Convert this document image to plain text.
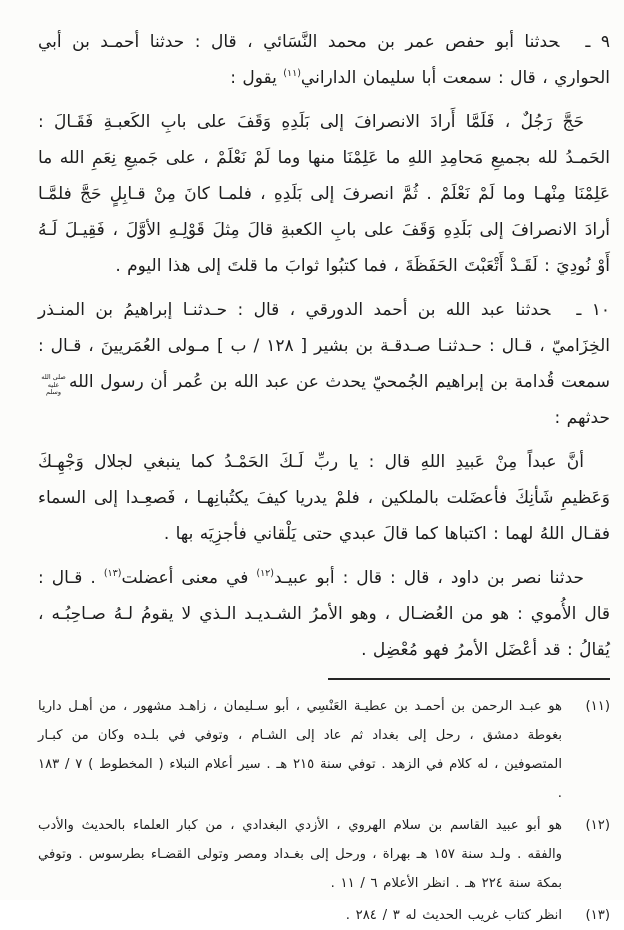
٩ ـحدثنا أبو حفص عمر بن محمد النَّسَائي ، قال : حدثنا أحمـد بن أبي الحواري ، قال : سمعت أبا سليمان الداراني$^{(١١)}$ يقول :

حَجَّ رَجُلٌ ، فَلَمَّا أَرادَ الانصرافَ إلى بَلَدِهِ وَقَفَ على بابِ الكَعبـةِ فَقَـالَ : الحَمـدُ لله بجميعِ مَحامِدِ اللهِ ما عَلِمْنَا منها وما لَمْ نَعْلَمْ ، على جَميعِ نِعَمِ الله ما عَلِمْنَا مِنْهـا وما لَمْ نَعْلَمْ . ثُمَّ انصرفَ إلى بَلَدِهِ ، فلمـا كانَ مِنْ قـابِلٍ حَجَّ فلمَّـا أرادَ الانصرافَ إلى بَلَدِهِ وَقَفَ على بابِ الكعبةِ قالَ مِثلَ قَوْلِـهِ الأوَّلَ ، فَقِيـلَ لَـهُ أَوْ نُودِيَ : لَقَـدْ أَتْعَبْتَ الحَفَظَةَ ، فما كتبُوا ثوابَ ما قلتَ إلى هذا اليوم .

١٠ ـحدثنا عبد الله بن أحمد الدورقي ، قال : حـدثنـا إبراهيمُ بن المنـذر الخِزَاميّ ، قـال : حـدثنـا صـدقـة بن بشير [ ١٢٨ / ب ] مـولى العُمَريينَ ، قـال : سمعت قُدامة بن إبراهيم الجُمحيّ يحدث عن عبد الله بن عُمر أن رسول اللهصلى الله عليه وسلم حدثهم :

أنَّ عبداً مِنْ عَبيدِ اللهِ قال : يا ربِّ لَـكَ الحَمْـدُ كما ينبغي لجلال وَجْهِـكَ وَعَظيمِ شَأنِكَ فأعضَلت بالملكين ، فلمْ يدريا كيفَ يكتُبانِهـا ، فَصعِـدا إلى السماء فقـال اللهُ لهما : اكتباها كما قالَ عبدي حتى يَلْقاني فأجزِيَه بها .

حدثنا نصر بن داود ، قال : قال : أبو عبيـد$^{(١٢)}$ في معنى أعضلت$^{(١٣)}$ . قـال : قال الأُموي : هو من العُضـال ، وهو الأمرُ الشـديـد الـذي لا يقومُ لـهُ صـاحِبُـه ، يُقالُ : قد أعْضَل الأمرُ فهو مُعْضِل .

(١١)
هو عبـد الرحمن بن أحمـد بن عطيـة العَنْسِي ، أبو سـليمان ، زاهـد مشهور ، من أهـل داريا بغوطة دمشق ، رحل إلى بغداد ثم عاد إلى الشـام ، وتوفي في بلـده وكان من كبـار المتصوفين ، له كلام في الزهد . توفي سنة ٢١٥ هـ . سير أعلام النبلاء ( المخطوط ) ٧ / ١٨٣ .
(١٢)
هو أبو عبيد القاسم بن سلام الهروي ، الأزدي البغدادي ، من كبار العلماء بالحديث والأدب والفقه . ولـد سنة ١٥٧ هـ بهراة ، ورحل إلى بغـداد ومصر وتولى القضـاء بطرسوس . وتوفي بمكة سنة ٢٢٤ هـ . انظر الأعلام ٦ / ١١ .
(١٣)
انظر كتاب غريب الحديث له ٣ / ٢٨٤ .
